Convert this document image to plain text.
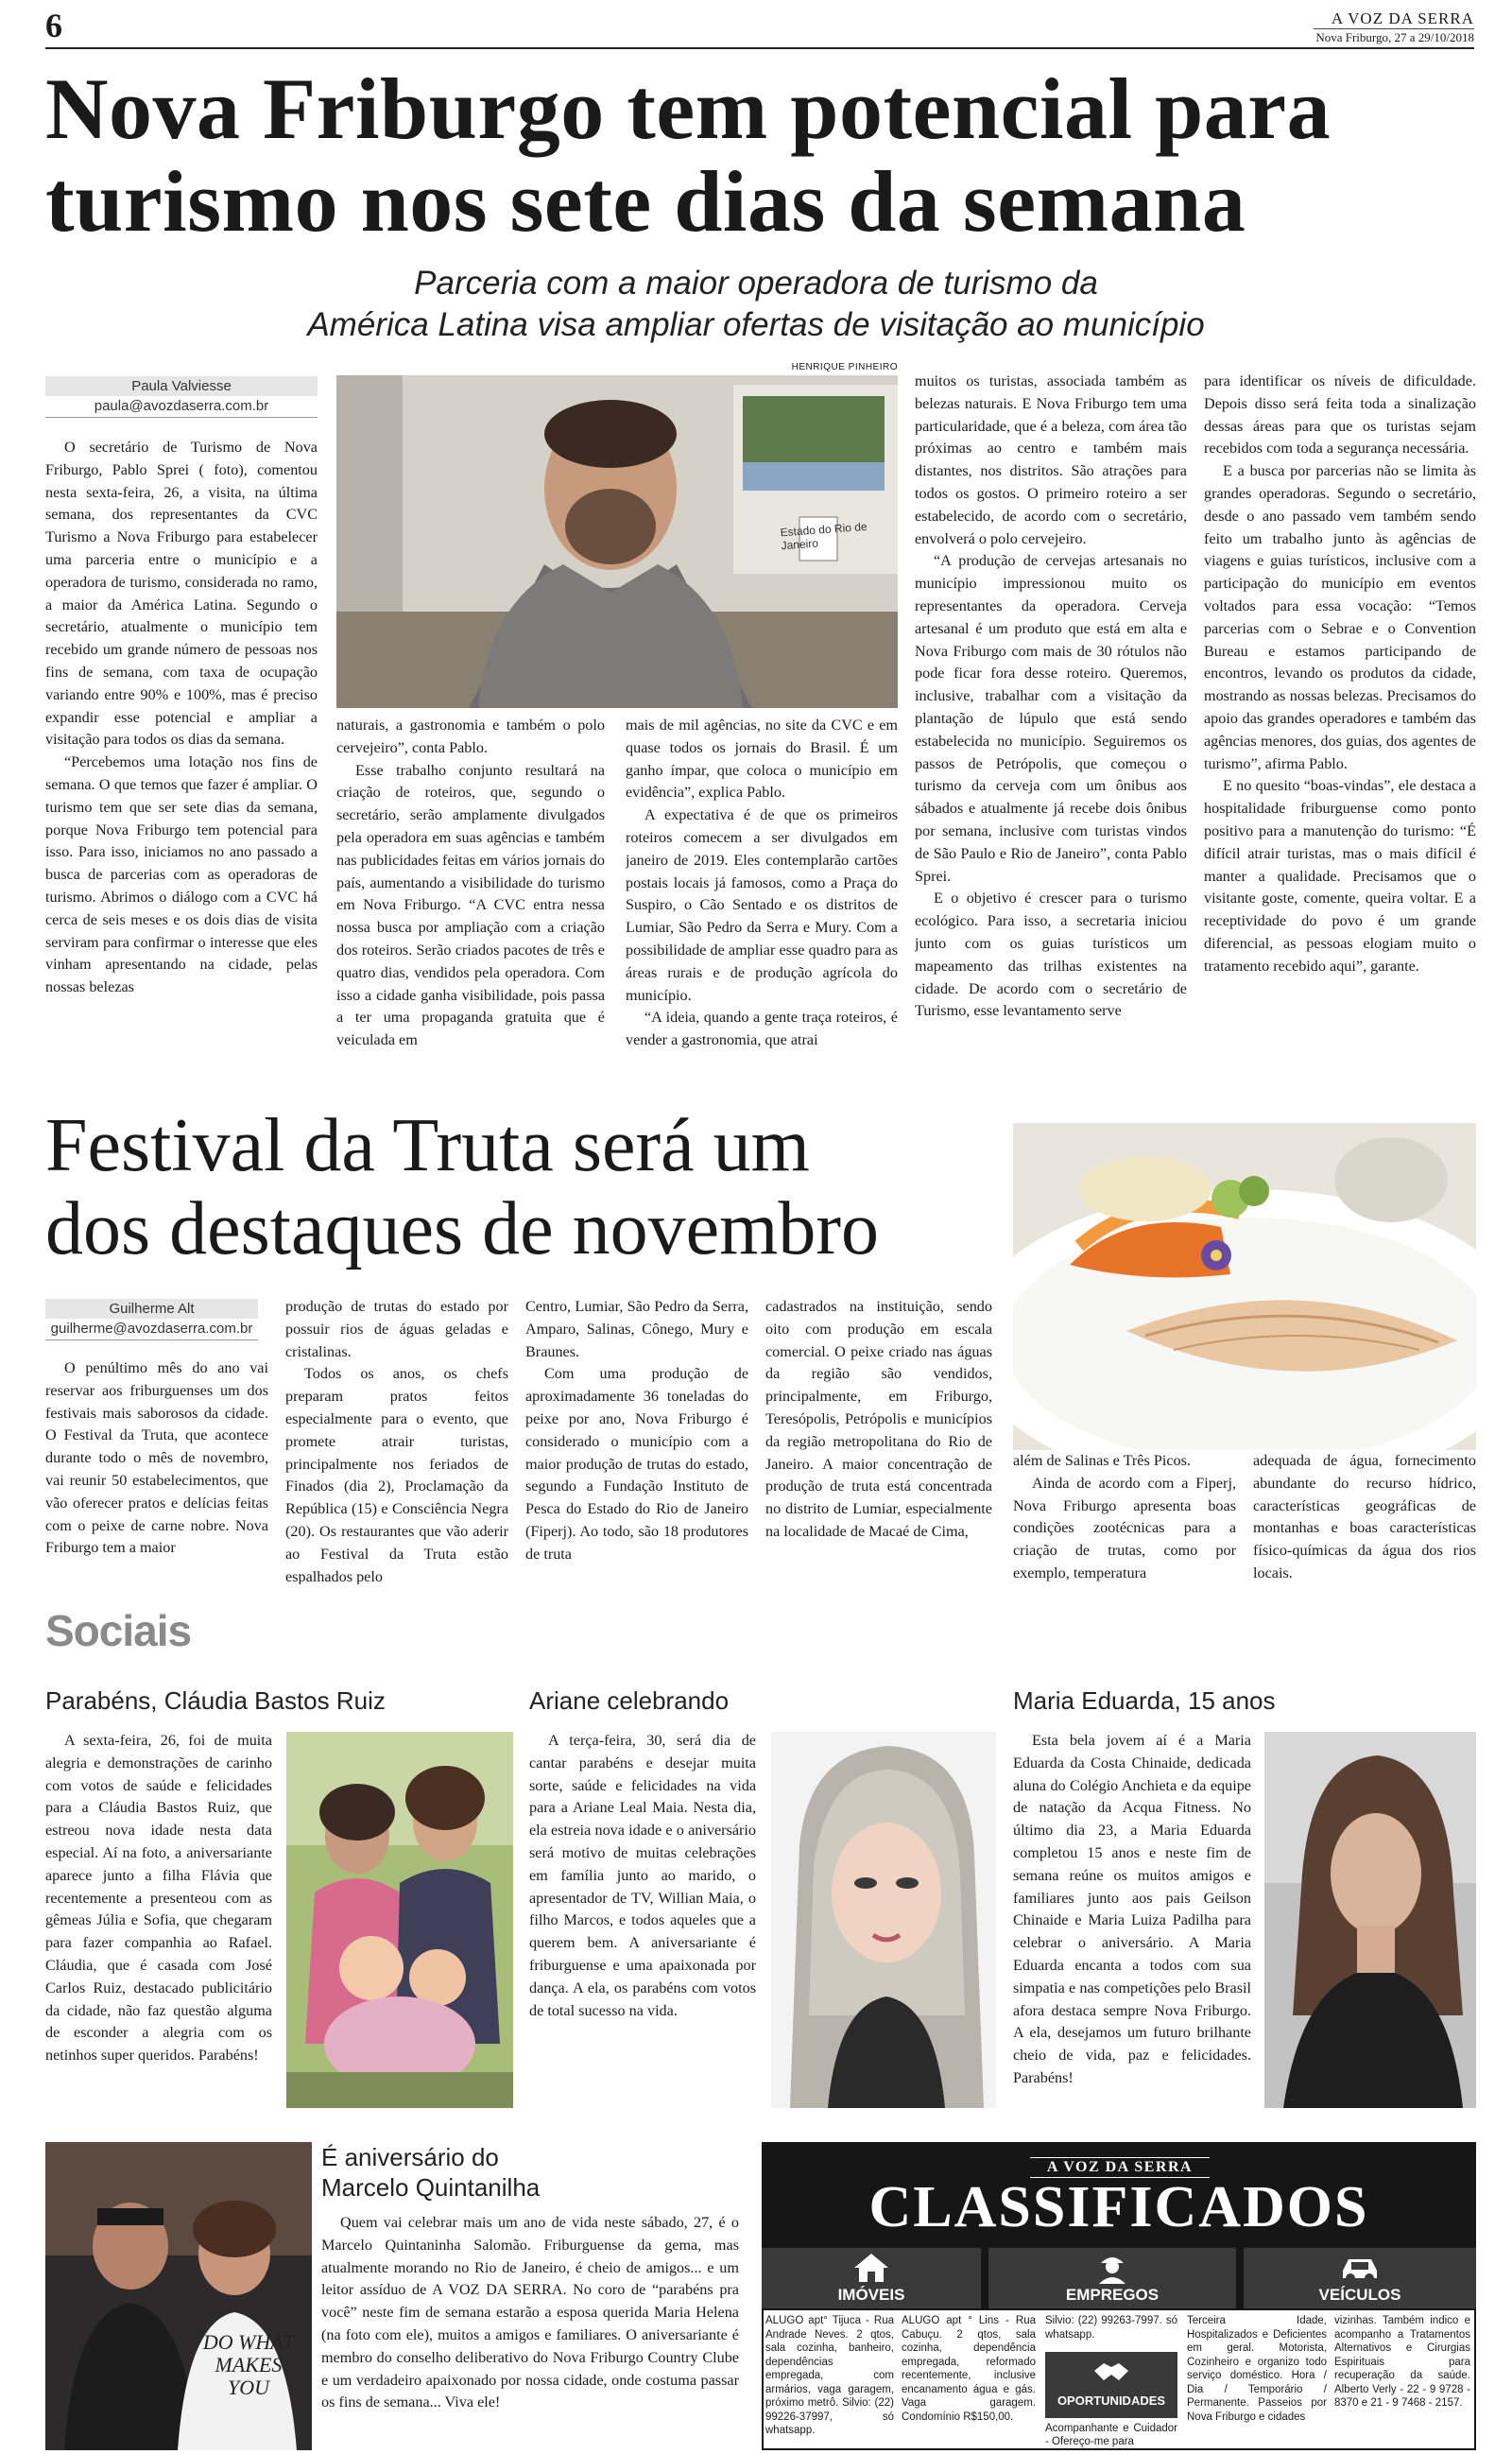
6	A VOZ DA SERRA
Nova Friburgo, 27 a 29/10/2018
Nova Friburgo tem potencial para
turismo nos sete dias da semana
Parceria com a maior operadora de turismo da
América Latina visa ampliar ofertas de visitação ao município
Paula Valviesse
paula@avozdaserra.com.br

O secretário de Turismo de Nova Friburgo, Pablo Sprei ( foto), comentou nesta sexta-feira, 26, a visita, na última semana, dos representantes da CVC Turismo a Nova Friburgo para estabelecer uma parceria entre o município e a operadora de turismo, considerada no ramo, a maior da América Latina. Segundo o secretário, atualmente o município tem recebido um grande número de pessoas nos fins de semana, com taxa de ocupação variando entre 90% e 100%, mas é preciso expandir esse potencial e ampliar a visitação para todos os dias da semana.

“Percebemos uma lotação nos fins de semana. O que temos que fazer é ampliar. O turismo tem que ser sete dias da semana, porque Nova Friburgo tem potencial para isso. Para isso, iniciamos no ano passado a busca de parcerias com as operadoras de turismo. Abrimos o diálogo com a CVC há cerca de seis meses e os dois dias de visita serviram para confirmar o interesse que eles vinham apresentando na cidade, pelas nossas belezas

HENRIQUE PINHEIRO
Estado do Rio de Janeiro

naturais, a gastronomia e também o polo cervejeiro”, conta Pablo.

Esse trabalho conjunto resultará na criação de roteiros, que, segundo o secretário, serão amplamente divulgados pela operadora em suas agências e também nas publicidades feitas em vários jornais do país, aumentando a visibilidade do turismo em Nova Friburgo. “A CVC entra nessa nossa busca por ampliação com a criação dos roteiros. Serão criados pacotes de três e quatro dias, vendidos pela operadora. Com isso a cidade ganha visibilidade, pois passa a ter uma propaganda gratuita que é veiculada em

mais de mil agências, no site da CVC e em quase todos os jornais do Brasil. É um ganho ímpar, que coloca o município em evidência”, explica Pablo.

A expectativa é de que os primeiros roteiros comecem a ser divulgados em janeiro de 2019. Eles contemplarão cartões postais locais já famosos, como a Praça do Suspiro, o Cão Sentado e os distritos de Lumiar, São Pedro da Serra e Mury. Com a possibilidade de ampliar esse quadro para as áreas rurais e de produção agrícola do município.

“A ideia, quando a gente traça roteiros, é vender a gastronomia, que atrai

muitos os turistas, associada também as belezas naturais. E Nova Friburgo tem uma particularidade, que é a beleza, com área tão próximas ao centro e também mais distantes, nos distritos. São atrações para todos os gostos. O primeiro roteiro a ser estabelecido, de acordo com o secretário, envolverá o polo cervejeiro.

“A produção de cervejas artesanais no município impressionou muito os representantes da operadora. Cerveja artesanal é um produto que está em alta e Nova Friburgo com mais de 30 rótulos não pode ficar fora desse roteiro. Queremos, inclusive, trabalhar com a visitação da plantação de lúpulo que está sendo estabelecida no município. Seguiremos os passos de Petrópolis, que começou o turismo da cerveja com um ônibus aos sábados e atualmente já recebe dois ônibus por semana, inclusive com turistas vindos de São Paulo e Rio de Janeiro”, conta Pablo Sprei.

E o objetivo é crescer para o turismo ecológico. Para isso, a secretaria iniciou junto com os guias turísticos um mapeamento das trilhas existentes na cidade. De acordo com o secretário de Turismo, esse levantamento serve

para identificar os níveis de dificuldade. Depois disso será feita toda a sinalização dessas áreas para que os turistas sejam recebidos com toda a segurança necessária.

E a busca por parcerias não se limita às grandes operadoras. Segundo o secretário, desde o ano passado vem também sendo feito um trabalho junto às agências de viagens e guias turísticos, inclusive com a participação do município em eventos voltados para essa vocação: “Temos parcerias com o Sebrae e o Convention Bureau e estamos participando de encontros, levando os produtos da cidade, mostrando as nossas belezas. Precisamos do apoio das grandes operadores e também das agências menores, dos guias, dos agentes de turismo”, afirma Pablo.

E no quesito “boas-vindas”, ele destaca a hospitalidade friburguense como ponto positivo para a manutenção do turismo: “É difícil atrair turistas, mas o mais difícil é manter a qualidade. Precisamos que o visitante goste, comente, queira voltar. E a receptividade do povo é um grande diferencial, as pessoas elogiam muito o tratamento recebido aqui”, garante.

Festival da Truta será um
dos destaques de novembro
Guilherme Alt
guilherme@avozdaserra.com.br

O penúltimo mês do ano vai reservar aos friburguenses um dos festivais mais saborosos da cidade. O Festival da Truta, que acontece durante todo o mês de novembro, vai reunir 50 estabelecimentos, que vão oferecer pratos e delícias feitas com o peixe de carne nobre. Nova Friburgo tem a maior

produção de trutas do estado por possuir rios de águas geladas e cristalinas.

Todos os anos, os chefs preparam pratos feitos especialmente para o evento, que promete atrair turistas, principalmente nos feriados de Finados (dia 2), Proclamação da República (15) e Consciência Negra (20). Os restaurantes que vão aderir ao Festival da Truta estão espalhados pelo

Centro, Lumiar, São Pedro da Serra, Amparo, Salinas, Cônego, Mury e Braunes.

Com uma produção de aproximadamente 36 toneladas do peixe por ano, Nova Friburgo é considerado o município com a maior produção de trutas do estado, segundo a Fundação Instituto de Pesca do Estado do Rio de Janeiro (Fiperj). Ao todo, são 18 produtores de truta

cadastrados na instituição, sendo oito com produção em escala comercial. O peixe criado nas águas da região são vendidos, principalmente, em Friburgo, Teresópolis, Petrópolis e municípios da região metropolitana do Rio de Janeiro. A maior concentração de produção de truta está concentrada no distrito de Lumiar, especialmente na localidade de Macaé de Cima,

além de Salinas e Três Picos.

Ainda de acordo com a Fiperj, Nova Friburgo apresenta boas condições zootécnicas para a criação de trutas, como por exemplo, temperatura

adequada de água, fornecimento abundante do recurso hídrico, características geográficas de montanhas e boas características físico-químicas da água dos rios locais.

Sociais
Parabéns, Cláudia Bastos Ruiz

A sexta-feira, 26, foi de muita alegria e demonstrações de carinho com votos de saúde e felicidades para a Cláudia Bastos Ruiz, que estreou nova idade nesta data especial. Aí na foto, a aniversariante aparece junto a filha Flávia que recentemente a presenteou com as gêmeas Júlia e Sofia, que chegaram para fazer companhia ao Rafael. Cláudia, que é casada com José Carlos Ruiz, destacado publicitário da cidade, não faz questão alguma de esconder a alegria com os netinhos super queridos. Parabéns!

Ariane celebrando

A terça-feira, 30, será dia de cantar parabéns e desejar muita sorte, saúde e felicidades na vida para a Ariane Leal Maia. Nesta dia, ela estreia nova idade e o aniversário será motivo de muitas celebrações em família junto ao marido, o apresentador de TV, Willian Maia, o filho Marcos, e todos aqueles que a querem bem. A aniversariante é friburguense e uma apaixonada por dança. A ela, os parabéns com votos de total sucesso na vida.

Maria Eduarda, 15 anos

Esta bela jovem aí é a Maria Eduarda da Costa Chinaide, dedicada aluna do Colégio Anchieta e da equipe de natação da Acqua Fitness. No último dia 23, a Maria Eduarda completou 15 anos e neste fim de semana reúne os muitos amigos e familiares junto aos pais Geilson Chinaide e Maria Luiza Padilha para celebrar o aniversário. A Maria Eduarda encanta a todos com sua simpatia e nas competições pelo Brasil afora destaca sempre Nova Friburgo. A ela, desejamos um futuro brilhante cheio de vida, paz e felicidades. Parabéns!

DO WHAT MAKES YOU
É aniversário do
Marcelo Quintanilha

Quem vai celebrar mais um ano de vida neste sábado, 27, é o Marcelo Quintaninha Salomão. Friburguense da gema, mas atualmente morando no Rio de Janeiro, é cheio de amigos... e um leitor assíduo de A VOZ DA SERRA. No coro de “parabéns pra você” neste fim de semana estarão a esposa querida Maria Helena (na foto com ele), muitos a amigos e familiares. O aniversariante é membro do conselho deliberativo do Nova Friburgo Country Clube e um verdadeiro apaixonado por nossa cidade, onde costuma passar os fins de semana... Viva ele!

A VOZ DA SERRA
CLASSIFICADOS
IMÓVEIS	EMPREGOS	VEÍCULOS
ALUGO apt° Tijuca - Rua Andrade Neves. 2 qtos, sala cozinha, banheiro, dependências empregada, com armários, vaga garagem, próximo metrô. Silvio: (22) 99226-37997, só whatsapp.
ALUGO apt ° Lins - Rua Cabuçu. 2 qtos, sala cozinha, dependência empregada, reformado recentemente, inclusive encanamento água e gás. Vaga garagem. Condomínio R$150,00.
Silvio: (22) 99263-7997. só whatsapp.
OPORTUNIDADES
Acompanhante e Cuidador - Ofereço-me para
Terceira Idade, Hospitalizados e Deficientes em geral. Motorista, Cozinheiro e organizo todo serviço doméstico. Hora / Dia / Temporário / Permanente. Passeios por Nova Friburgo e cidades
vizinhas. Também indico e acompanho a Tratamentos Alternativos e Cirurgias Espirituais para recuperação da saúde. Alberto Verly - 22 - 9 9728 - 8370 e 21 - 9 7468 - 2157.
